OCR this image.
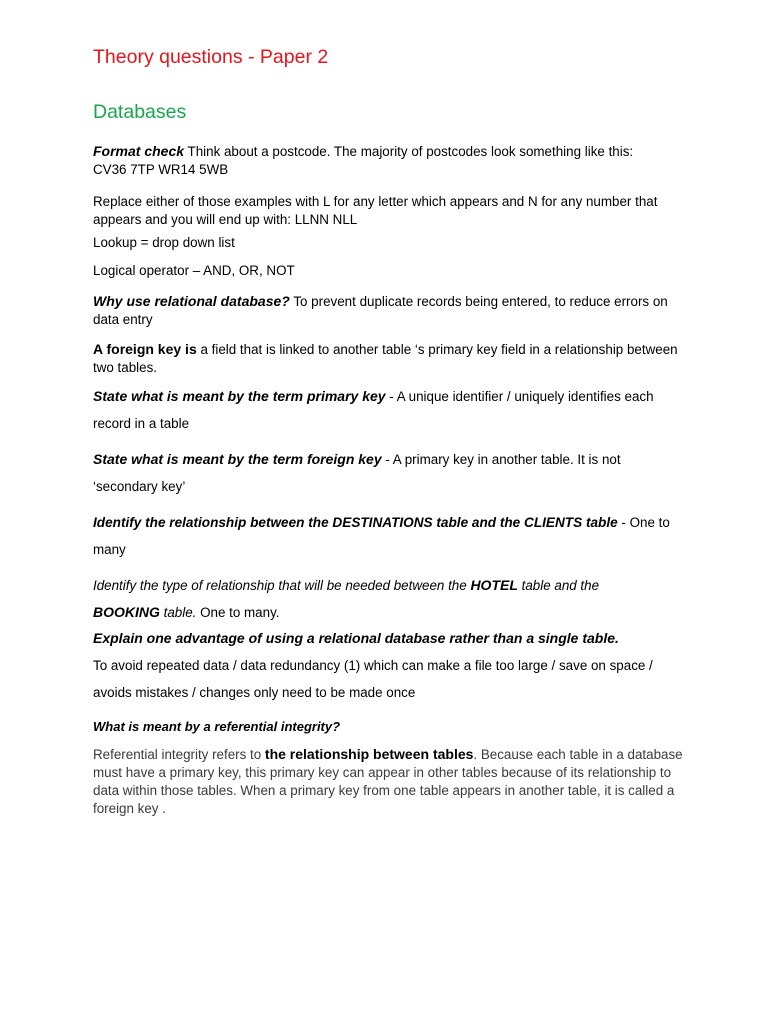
Theory questions - Paper 2
Databases
Format check Think about a postcode. The majority of postcodes look something like this:
CV36 7TP WR14 5WB
Replace either of those examples with L for any letter which appears and N for any number that appears and you will end up with: LLNN NLL
Lookup = drop down list
Logical operator – AND, OR, NOT
Why use relational database? To prevent duplicate records being entered, to reduce errors on data entry
A foreign key is a field that is linked to another table ‘s primary key field in a relationship between two tables.
State what is meant by the term primary key - A unique identifier / uniquely identifies each record in a table
State what is meant by the term foreign key - A primary key in another table. It is not ‘secondary key’
Identify the relationship between the DESTINATIONS table and the CLIENTS table - One to many
Identify the type of relationship that will be needed between the HOTEL table and the
BOOKING table. One to many.
Explain one advantage of using a relational database rather than a single table.
To avoid repeated data / data redundancy (1) which can make a file too large / save on space / avoids mistakes / changes only need to be made once
What is meant by a referential integrity?
Referential integrity refers to the relationship between tables. Because each table in a database must have a primary key, this primary key can appear in other tables because of its relationship to data within those tables. When a primary key from one table appears in another table, it is called a foreign key .
